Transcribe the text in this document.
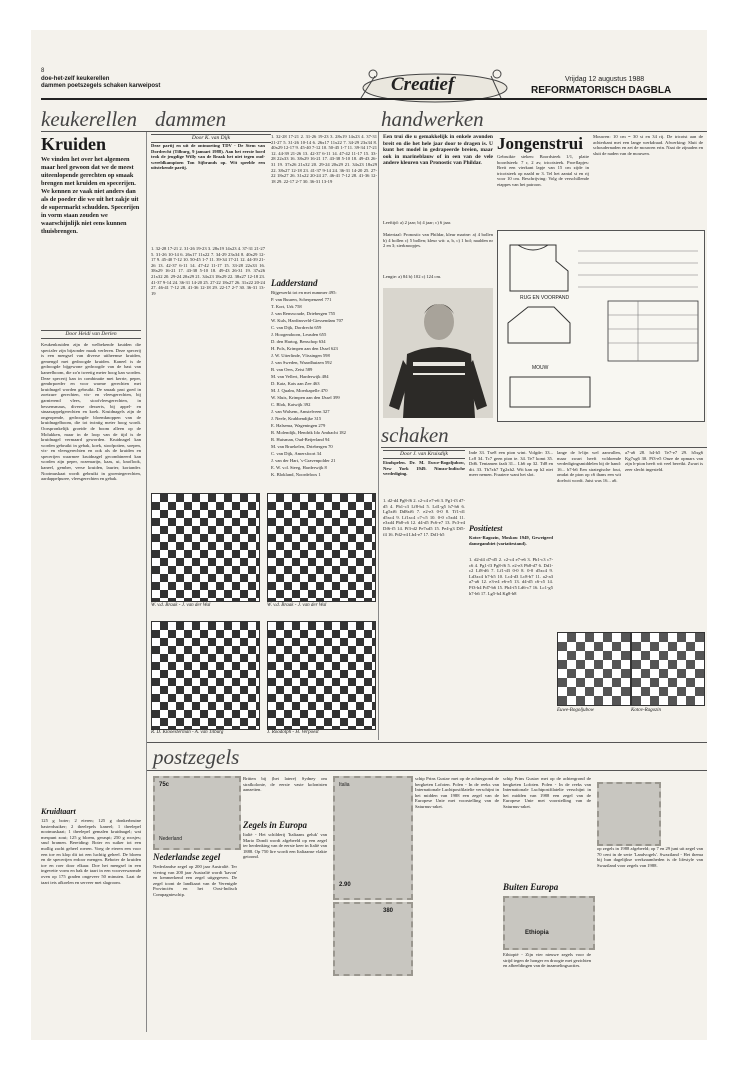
8
doe-het-zelf keukerellen
dammen poetszegels schaken karweipost	Creatief	Vrijdag 12 augustus 1988
REFORMATORISCH DAGBLA
keukerellen dammen	handwerken
Kruiden
We vinden het over het algemeen maar heel gewoon dat we de meest uiteenlopende gerechten op smaak brengen met kruiden en specerijen. We kennen ze vaak niet anders dan als de poeder die we uit het zakje uit de supermarkt schudden. Specerijen in vorm staan zouden we waarschijnlijk niet eens kunnen thuisbrengen.
Door Heidi van Derlen
Keukenkruiden zijn de welbekende kruiden die specialer zijn bijzonder maak verleren. Deze specerij is een mengsel van diverse uitheemse kruiden, gemengd met gedroogde kruiden. Kaneel is de gedroogde bijgewone gedroogde van de bast van kaneelboom, die zo'n tweetig meter hoog kan worden. Deze specerij kan in combinatie met kerrie, peper, gembrpoeder en voor warme gerechten met kruidnagel worden gebruikt. De smaak past goed in zoetzure gerechten, vis- en vleesgerechten, bij garnierend vlees, stoofvleesgerechten, in bessensmaus, diverse desserts, bij appel- en sinaasappelgerechten en koek. Kruidnagels zijn de ongeopende, gedroogde bloemknoppen van de kruidnagelboom, die tot twintig meter hoog wordt. Oorspronkelijk groeide de boom alleen op de Molukken, maar in de loop van de tijd is de kruidnagel vermaard geworden. Kruidnagel kan worden gebruikt in gebak, koek, stoofpotten, soepen, vis- en vleesgerechten en ook als de kruiden en specerijen waarmee kruidnagel gecombineerd kan worden zijn peper, rozemarijn, kaas, ui, knoflook, kaneel, gember, verse kruiden, laurier, koriander. Nootmuskaat wordt gebruikt in groentegerechten, aardappelpuree, vleesgerechten en gebak.
Kruidtaart
125 g boter; 2 eieren; 125 g donkerbruine basterdsuiker; 2 theelepels kaneel; 1 theelepel nootmuskaat; 1 theelepel gemalen kruidnagel; wat mespunt zout; 125 g bloem, geraspt; 250 g roosjes; snuf bramen. Bereiding: Boter en suiker tot een mollig zacht geheel roeren. Voeg de eieren een voor een toe en klop dit tot een luchtig geheel. De bloem en de specerijen erdoor mengen. Beboter de kruiden toe en roer door elkaar. Doe het mengsel in een ingevette vorm en bak de taart in een voorverwarmde oven op 175 graden ongeveer 50 minuten. Laat de taart iets afkoelen en serveer met slagroom.
Door K. van Dijk
Deze partij en uit de ontmoeting TDV - De Stem van Dordrecht (Tilburg, 9 januari 1988). Aan het eerste bord trok de jeugdige Willy van de Braak het niet tegen oud-wereldkampioen Ton Sijbrands op. Wit speelde een uitstekende partij.
1. 32-28 17-21 2. 31-26 19-23 3. 28x19 14x23 4. 37-31 21-27 5. 31-26 10-14 6. 26x17 11x22 7. 34-29 23x34 8. 40x29 12-17 9. 45-40 7-12 10. 50-45 1-7 11. 39-34 17-21 12. 44-39 21-26 13. 42-37 6-11 14. 47-42 11-17 15. 33-28 22x33 16. 38x29 16-21 17. 43-38 5-10 18. 49-43 26-31 19. 37x26 21x32 20. 29-24 20x29 21. 34x23 18x29 22. 38x27 12-18 23. 41-37 9-14 24. 36-31 14-20 25. 27-22 18x27 26. 31x22 20-24 27. 46-41 7-12 28. 41-36 12-18 29. 22-17 2-7 30. 36-31 13-19
1. 32-28 17-21 2. 31-26 19-23 3. 28x19 14x23 4. 37-31 21-27 5. 31-26 10-14 6. 26x17 11x22 7. 34-29 23x34 8. 40x29 12-17 9. 45-40 7-12 10. 50-45 1-7 11. 39-34 17-21 12. 44-39 21-26 13. 42-37 6-11 14. 47-42 11-17 15. 33-28 22x33 16. 38x29 16-21 17. 43-38 5-10 18. 49-43 26-31 19. 37x26 21x32 20. 29-24 20x29 21. 34x23 18x29 22. 38x27 12-18 23. 41-37 9-14 24. 36-31 14-20 25. 27-22 18x27 26. 31x22 20-24 27. 46-41 7-12 28. 41-36 12-18 29. 22-17 2-7 30. 36-31 13-19
Ladderstand
Bijgewerkt tot en met nummer 495:
P. van Buuren, Scherpenzeel 771
T. Kort, Urk 758
J. van Renswoude, Driebergen 755
W. Kuls, Hardinxveld-Giessendam 707
C. van Dijk, Dordrecht 659
J. Hoogendoorn, Leusden 655
D. den Hartog, Benschop 634
H. Pols, Krimpen aan den IJssel 623
J. W. Uiterlinde, Vlissingen 598
J. van Sweden, Waardhuizen 592
B. van Oers, Zeist 589
M. van Vellert, Harderwijk 484
D. Katz, Kats aan Zee 463
M. J. Qualm, Moerkapelle 470
W. Sluis, Krimpen aan den IJssel 399
C. Blok, Katwijk 392
J. van Walsem, Amstelveen 327
J. Neele, Krabbendijke 315
E. Halsema, Wageningen 279
R. Molendijk, Hendrik Ido Ambacht 182
R. Huisman, Oud-Beijerland 94
M. van Bruekelen, Driebergen 70
C. van Dijk, Amersfoort 34
J. van der Hart, 's-Gravenpolder 21
E. W. v.d. Steeg, Harderwijk 8
K. Blokland, Noordeloos 1
W. v.d. Braak - J. van der Wal	W. v.d. Braak - J. van der Wal
R. D. Klooesterman - A. van Tilburg	J. Roodolph - H. Verpoest
Een trui die u gemakkelijk in enkele avonden breit en die het hele jaar door te dragen is. U kunt het model in gedrapeerde breien, maar ook in marineblauw of in een van de vele andere kleuren van Pronostic van Phildar.
Leeftijd: a) 2 jaar; b) 4 jaar; c) 6 jaar.
Materiaal: Pronostic van Phildar, kleur marine: a) 4 bollen b) 4 bollen c) 5 bollen; kleur wit: a, b, c) 1 bol; naalden nr 2 en 3; sierknoopjes.
Lengte: a) 84 b) 102 c) 124 cm.
Jongenstrui
Gebruikte steken: Boordsteek 1/1, platte boordsteek: 7 r, 2 av, tricotsteek. Proeflapjes: Breit een vierkant lapje van 15 cm zijde in tricotsteek op naald nr 3. Tel het aantal st en rij voor 10 cm. Beschrijving: Volg de verschillende etappes van het patroon.
Mouwen: 10 cm = 30 st en 34 rij. De tricotst aan de achterkant met een lange werkdraad. Afwerking: Sluit de schoudernaden en zet de mouwen erin. Naai de zijnaden en sluit de naden van de mouwen.
RUG EN VOORPAND
MOUW
schaken
Door J. van Kruisdijk
Eindspelen. Dr. M. Euwe-Bogoljubow, New York 1949. Nimzo-Indische verdediging.
1. d2-d4 Pg8-f6 2. c2-c4 e7-e6 3. Pg1-f3 d7-d5 4. Pb1-c3 Lf8-b4 5. Ld1-g5 h7-h6 6. Lg5xf6 Dd8xf6 7. e2-e3 0-0 8. Tf1-d1 d5xc4 9. Lf1xc4 c7-c5 10. 0-0 c5xd4 11. e3xd4 Pb8-c6 12. d4-d5 Pc6-e7 13. Pc3-e4 Df6-f5 14. Pf3-d2 Pe7xd5 15. Pe4-g3 Df5-f4 16. Pd2-e4 Lb4-e7 17. Dd1-h5
Inde 33. Txe8 een pion wint. Volgde: 33... Lc8 34. Tc7 geen pion te. 34. Te7 komt 35. Dd6. Tentamen faalt 31... Lb6 op 32. Td8 en dit. 33. Tb7xb7 Tg2xh2. Wit kan op h2 niet meer nemen. Fraaiere want het slot.
Positietest
Kotov-Ragozin, Moskou 1949, Geweigerd damegambiet (variatiestand).
1. d2-d4 d7-d5 2. c2-c4 e7-e6 3. Pb1-c3 c7-c6 4. Pg1-f3 Pg8-f6 5. e2-e3 Pb8-d7 6. Dd1-c2 Lf8-d6 7. Lf1-d3 0-0 8. 0-0 d5xc4 9. Ld3xc4 b7-b5 10. Lc4-d3 Lc8-b7 11. a2-a3 a7-a6 12. e3-e4 e6-e5 13. d4-d5 c6-c5 14. Pf3-h4 Pd7-b6 15. Ph4-f5 Ld6-c7 16. Lc1-g5 h7-h6 17. Lg5-h4 Kg8-h8
lange de h-lijn wel aanvallen, maar zwart heeft voldoende verdedigingsmiddelen bij de hand: 16... b7-b6 Een strategische fout, omdat de pion op c6 thans een wit doelwit wordt. Juist was 16... a6.
a7-a6 28. h4-h5 Te7-e7 29. h5xg6 Kg7xg6 30. Pf3-e5 Onze de opmars van zijn h-pion heeft wit veel bereikt. Zwart is zeer slecht ingesteld.
Euwe-Bogoljubow	Kotov-Ragozin
postzegels
75c
Nederland
Nederlandse zegel
Nederlandse zegel op 200 jaar Australië. Ter viering van 200 jaar Australië wordt 'kavon' en kenmerkend een zegel uitgegeven. De zegel toont de landkaart van de Verenigde Provinciën en het Oost-Indisch Compagnieschip.
Britten bij (het latere) Sydney om strafkolonie, de eerste vaste kolonisten aanzetten.
Zegels in Europa
Italië - Het schilderij 'Italiaans geluk' van Mario Dondi wordt afgebeeld op een zegel ter herdenking van de eerste keer in Italië van 1888. Op 750 lire wordt een Italiaanse vlakte getoond.
2.90
Italia
380
schip Prins Gustav met op de achtergrond de bergketen Lofoten. Polen - In de reeks van Internationale Luchtpostfilatelie verschijnt in het midden van 1988 een zegel van de Europese Unie met voorstelling van de Saturnus-raket.
Buiten Europa
Ethiopia
schip Prins Gustav met op de achtergrond de bergketen Lofoten. Polen - In de reeks van Internationale Luchtpostfilatelie verschijnt in het midden van 1988 een zegel van de Europese Unie met voorstelling van de Saturnus-raket.
Ethiopië - Zijn vier nieuwe zegels voor de strijd tegen de honger en droogte met gezichten en afbeeldingen van de inzamelingsacties.
op zegels in 1988 afgebeeld; op 7 en 29 juni uit zegel van 70 cent in de serie 'Landvogels'. Swaziland - Het thema bij hun dagelijkse werkzaamheden is de lifestyle van Swaziland voor zegels van 1988.
